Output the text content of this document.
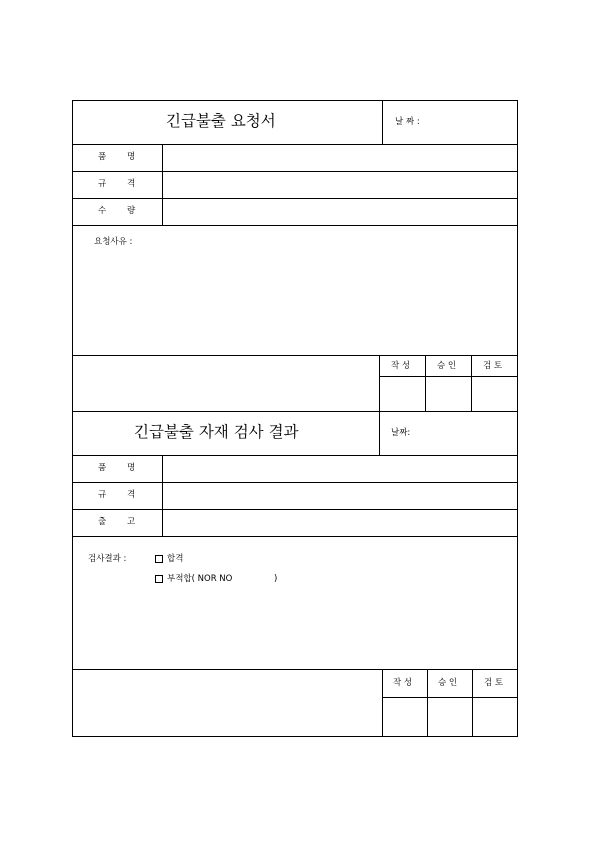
긴급불출 요청서	날 짜 :
품 명
규 격
수 량
요청사유 :
작 성	승 인	검 토
긴급불출 자재 검사 결과	날짜:
품 명
규 격
출 고
검사결과 :	합격
부적합( NOR NO	)
작 성	승 인	검 토
